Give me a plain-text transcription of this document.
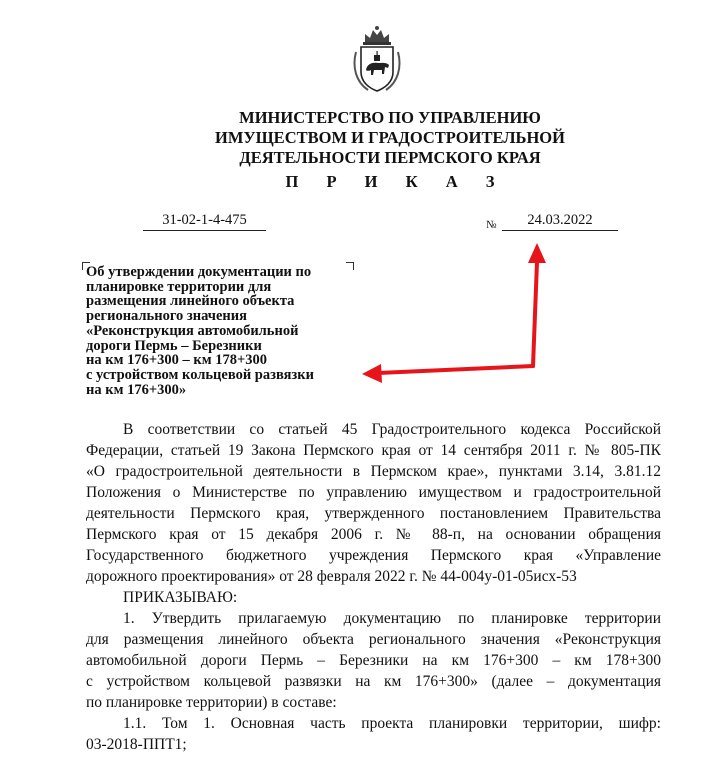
МИНИСТЕРСТВО ПО УПРАВЛЕНИЮ
ИМУЩЕСТВОМ И ГРАДОСТРОИТЕЛЬНОЙ
ДЕЯТЕЛЬНОСТИ ПЕРМСКОГО КРАЯ
П Р И К А З
31-02-1-4-475	№	24.03.2022
Об утверждении документации по
планировке территории для
размещения линейного объекта
регионального значения
«Реконструкция автомобильной
дороги Пермь – Березники
на км 176+300 – км 178+300
с устройством кольцевой развязки
на км 176+300»
В соответствии со статьей 45 Градостроительного кодекса Российской
Федерации, статьей 19 Закона Пермского края от 14 сентября 2011 г. № 805-ПК
«О градостроительной деятельности в Пермском крае», пунктами 3.14, 3.81.12
Положения о Министерстве по управлению имуществом и градостроительной
деятельности Пермского края, утвержденного постановлением Правительства
Пермского края от 15 декабря 2006 г. № 88-п, на основании обращения
Государственного бюджетного учреждения Пермского края «Управление
дорожного проектирования» от 28 февраля 2022 г. № 44-004у-01-05исх-53
ПРИКАЗЫВАЮ:
1. Утвердить прилагаемую документацию по планировке территории
для размещения линейного объекта регионального значения «Реконструкция
автомобильной дороги Пермь – Березники на км 176+300 – км 178+300
с устройством кольцевой развязки на км 176+300» (далее – документация
по планировке территории) в составе:
1.1. Том 1. Основная часть проекта планировки территории, шифр:
03-2018-ППТ1;
